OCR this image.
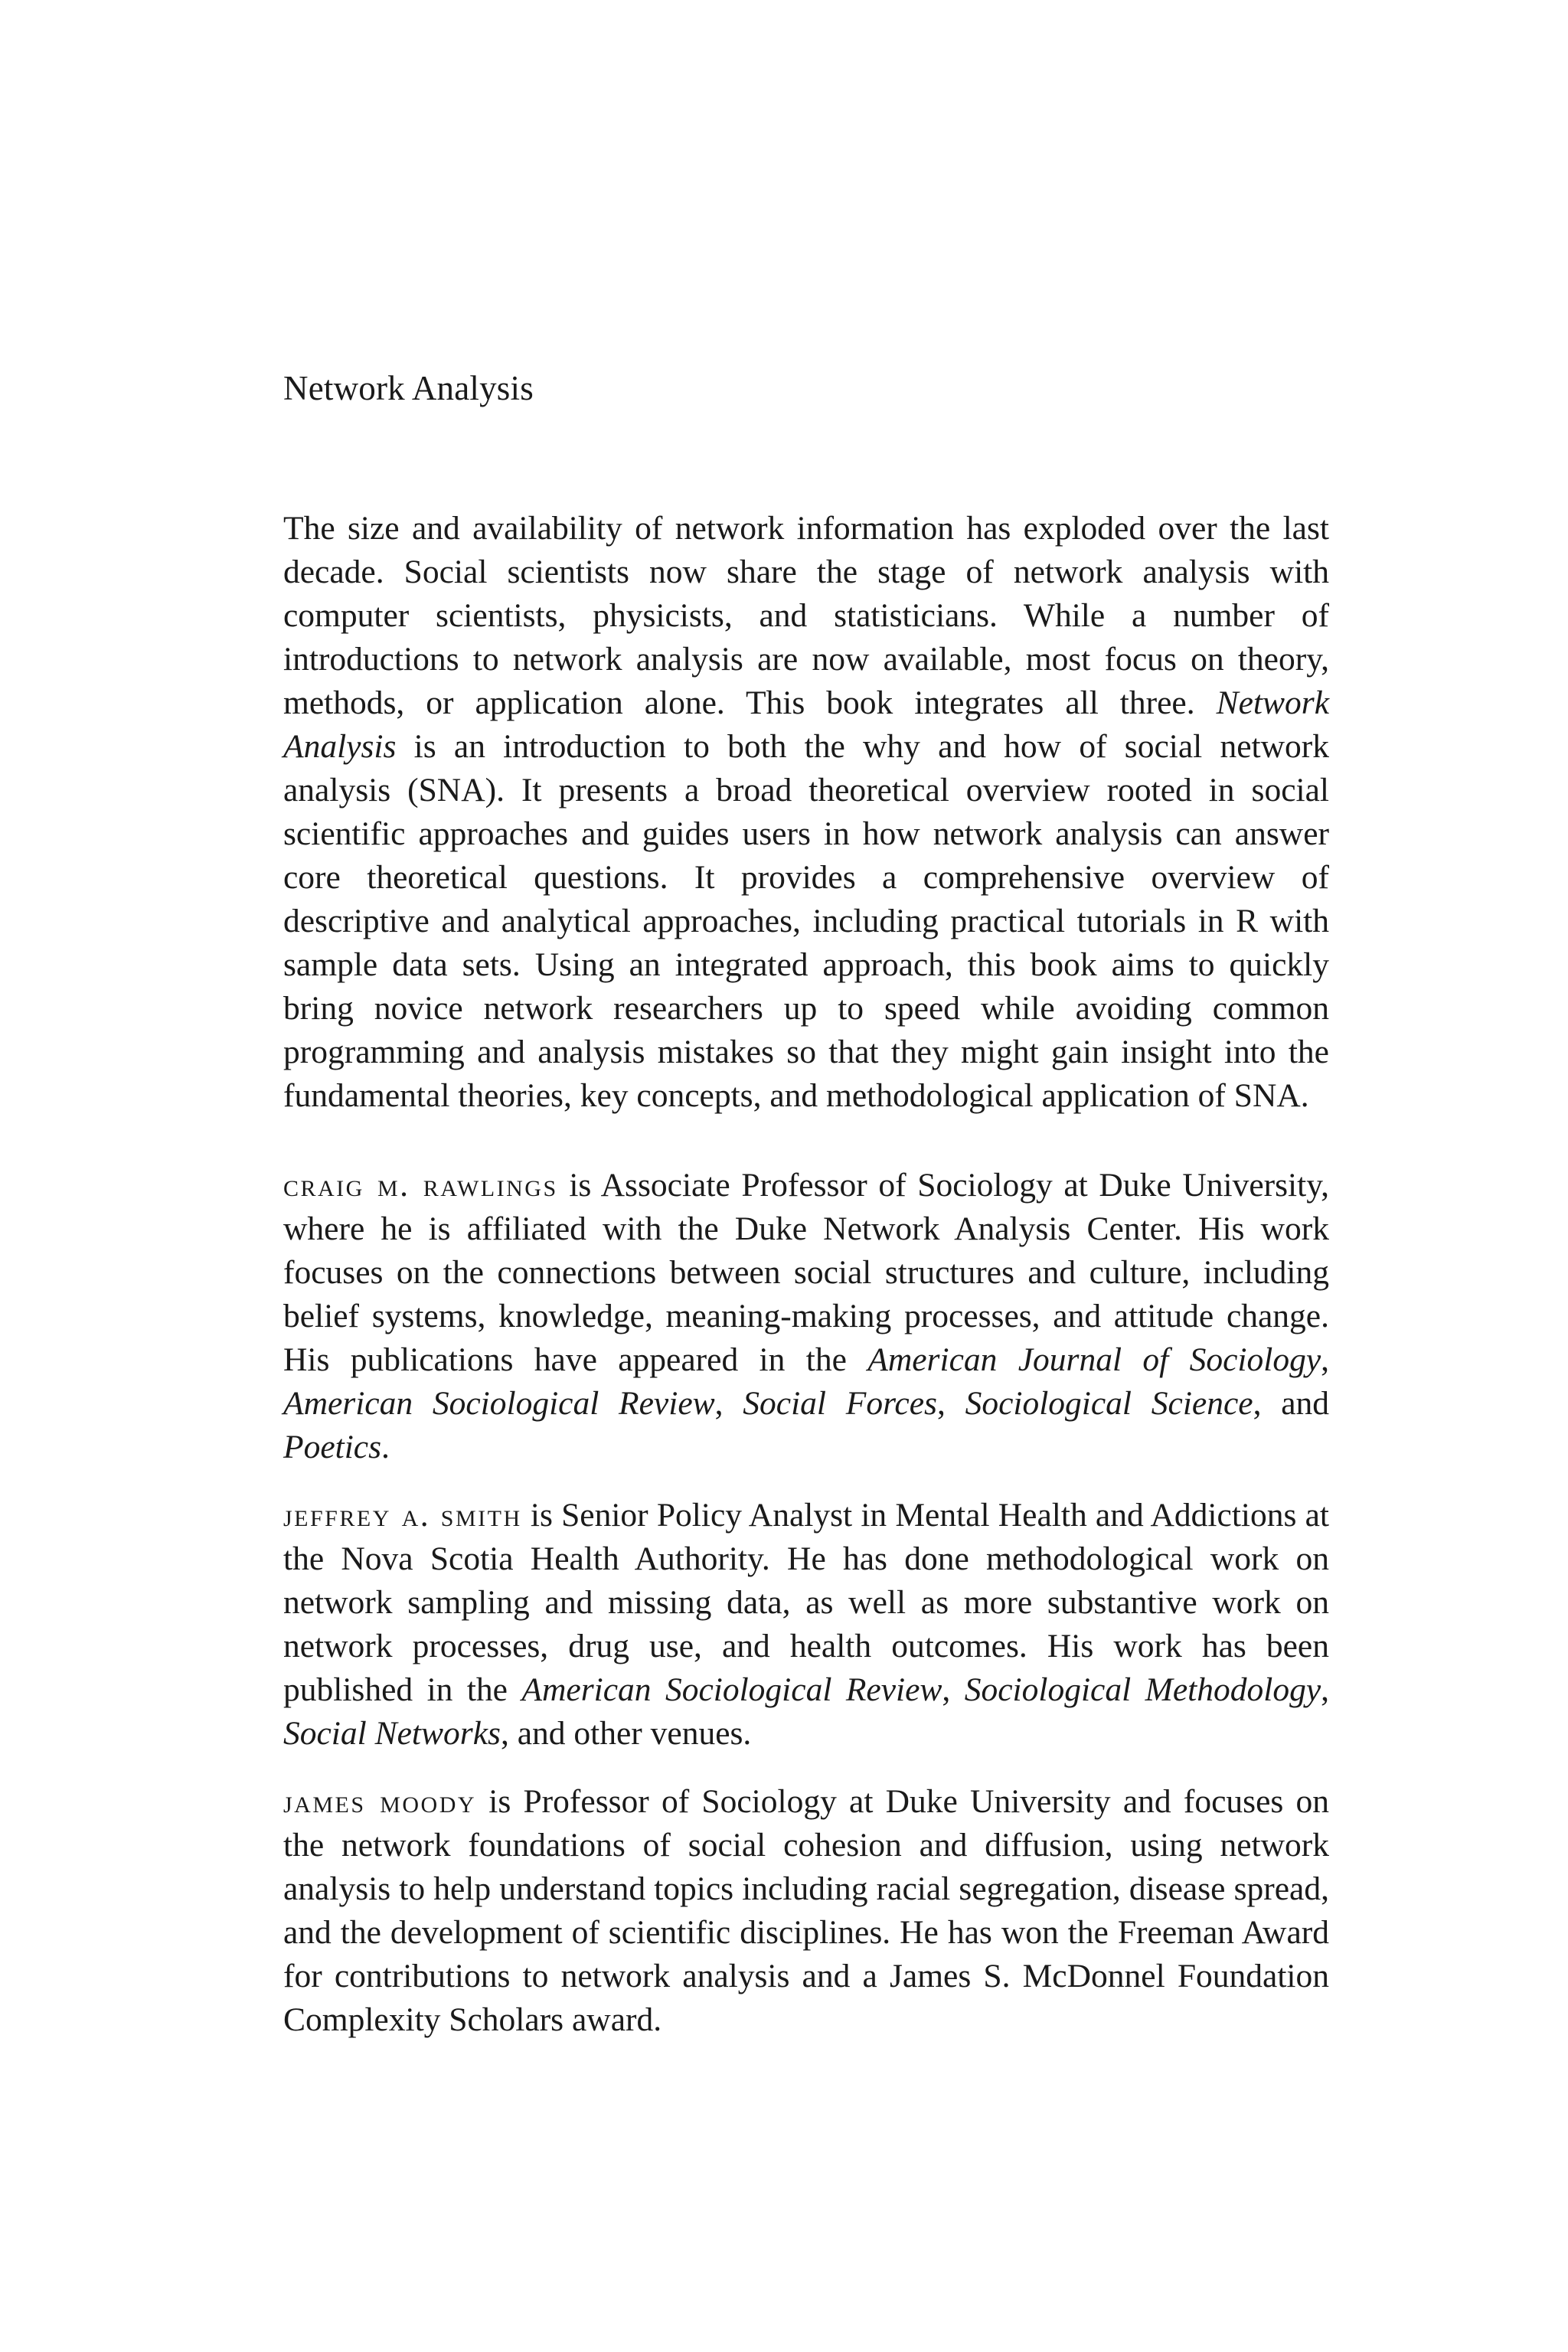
Network Analysis

The size and availability of network information has exploded over the last decade. Social scientists now share the stage of network analysis with computer scientists, physicists, and statisticians. While a number of introductions to network analysis are now available, most focus on theory, methods, or application alone. This book integrates all three. Network Analysis is an introduction to both the why and how of social network analysis (SNA). It presents a broad theoretical overview rooted in social scientific approaches and guides users in how network analysis can answer core theoretical questions. It provides a comprehensive overview of descriptive and analytical approaches, including practical tutorials in R with sample data sets. Using an integrated approach, this book aims to quickly bring novice network researchers up to speed while avoiding common programming and analysis mistakes so that they might gain insight into the fundamental theories, key concepts, and methodological application of SNA.

craig m. rawlings is Associate Professor of Sociology at Duke University, where he is affiliated with the Duke Network Analysis Center. His work focuses on the connections between social structures and culture, including belief systems, knowledge, meaning-making processes, and attitude change. His publications have appeared in the American Journal of Sociology, American Sociological Review, Social Forces, Sociological Science, and Poetics.

jeffrey a. smith is Senior Policy Analyst in Mental Health and Addictions at the Nova Scotia Health Authority. He has done methodological work on network sampling and missing data, as well as more substantive work on network processes, drug use, and health outcomes. His work has been published in the American Sociological Review, Sociological Methodology, Social Networks, and other venues.

james moody is Professor of Sociology at Duke University and focuses on the network foundations of social cohesion and diffusion, using network analysis to help understand topics including racial segregation, disease spread, and the development of scientific disciplines. He has won the Freeman Award for contributions to network analysis and a James S. McDonnel Foundation Complexity Scholars award.
